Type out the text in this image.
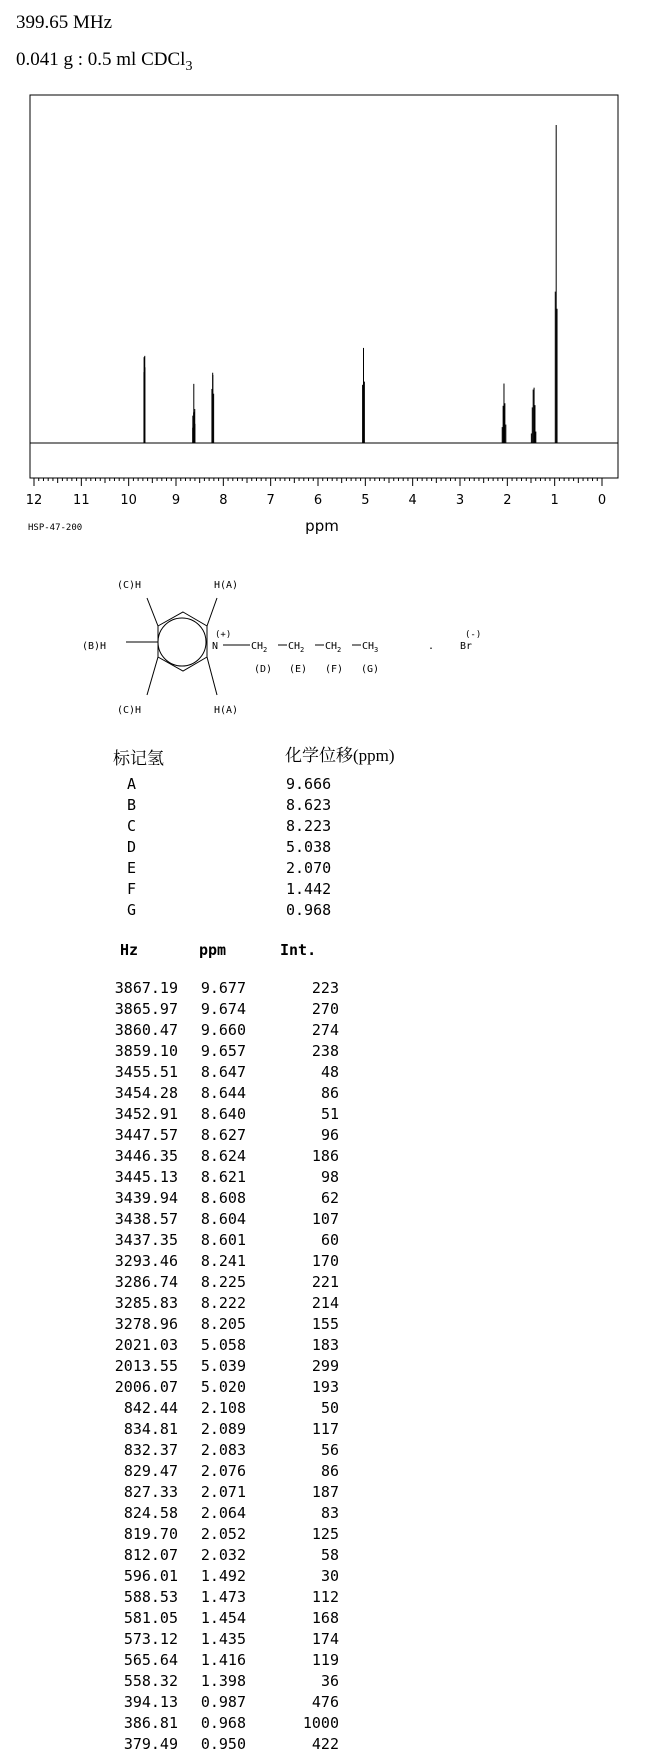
399.65 MHz
0.041 g : 0.5 ml CDCl$_3$
12 11 10	9	8	7	6	5	4	3	2	1	0
ppm
HSP-47-200
(C)H	H(A)
(B)H
(+)
N	$CH_2$ $CH_2$ $CH_2$ $CH_3$
(D) (E) (F) (G)
.
(-)
Br
(C)H	H(A)
标记氢	化学位移(ppm)
A	9.666
B	8.623
C	8.223
D	5.038
E	2.070
F	1.442
G	0.968
Hz	ppm	Int.
3867.19	9.677	223
3865.97	9.674	270
3860.47	9.660	274
3859.10	9.657	238
3455.51	8.647	48
3454.28	8.644	86
3452.91	8.640	51
3447.57	8.627	96
3446.35	8.624	186
3445.13	8.621	98
3439.94	8.608	62
3438.57	8.604	107
3437.35	8.601	60
3293.46	8.241	170
3286.74	8.225	221
3285.83	8.222	214
3278.96	8.205	155
2021.03	5.058	183
2013.55	5.039	299
2006.07	5.020	193
842.44	2.108	50
834.81	2.089	117
832.37	2.083	56
829.47	2.076	86
827.33	2.071	187
824.58	2.064	83
819.70	2.052	125
812.07	2.032	58
596.01	1.492	30
588.53	1.473	112
581.05	1.454	168
573.12	1.435	174
565.64	1.416	119
558.32	1.398	36
394.13	0.987	476
386.81	0.968	1000
379.49	0.950	422
